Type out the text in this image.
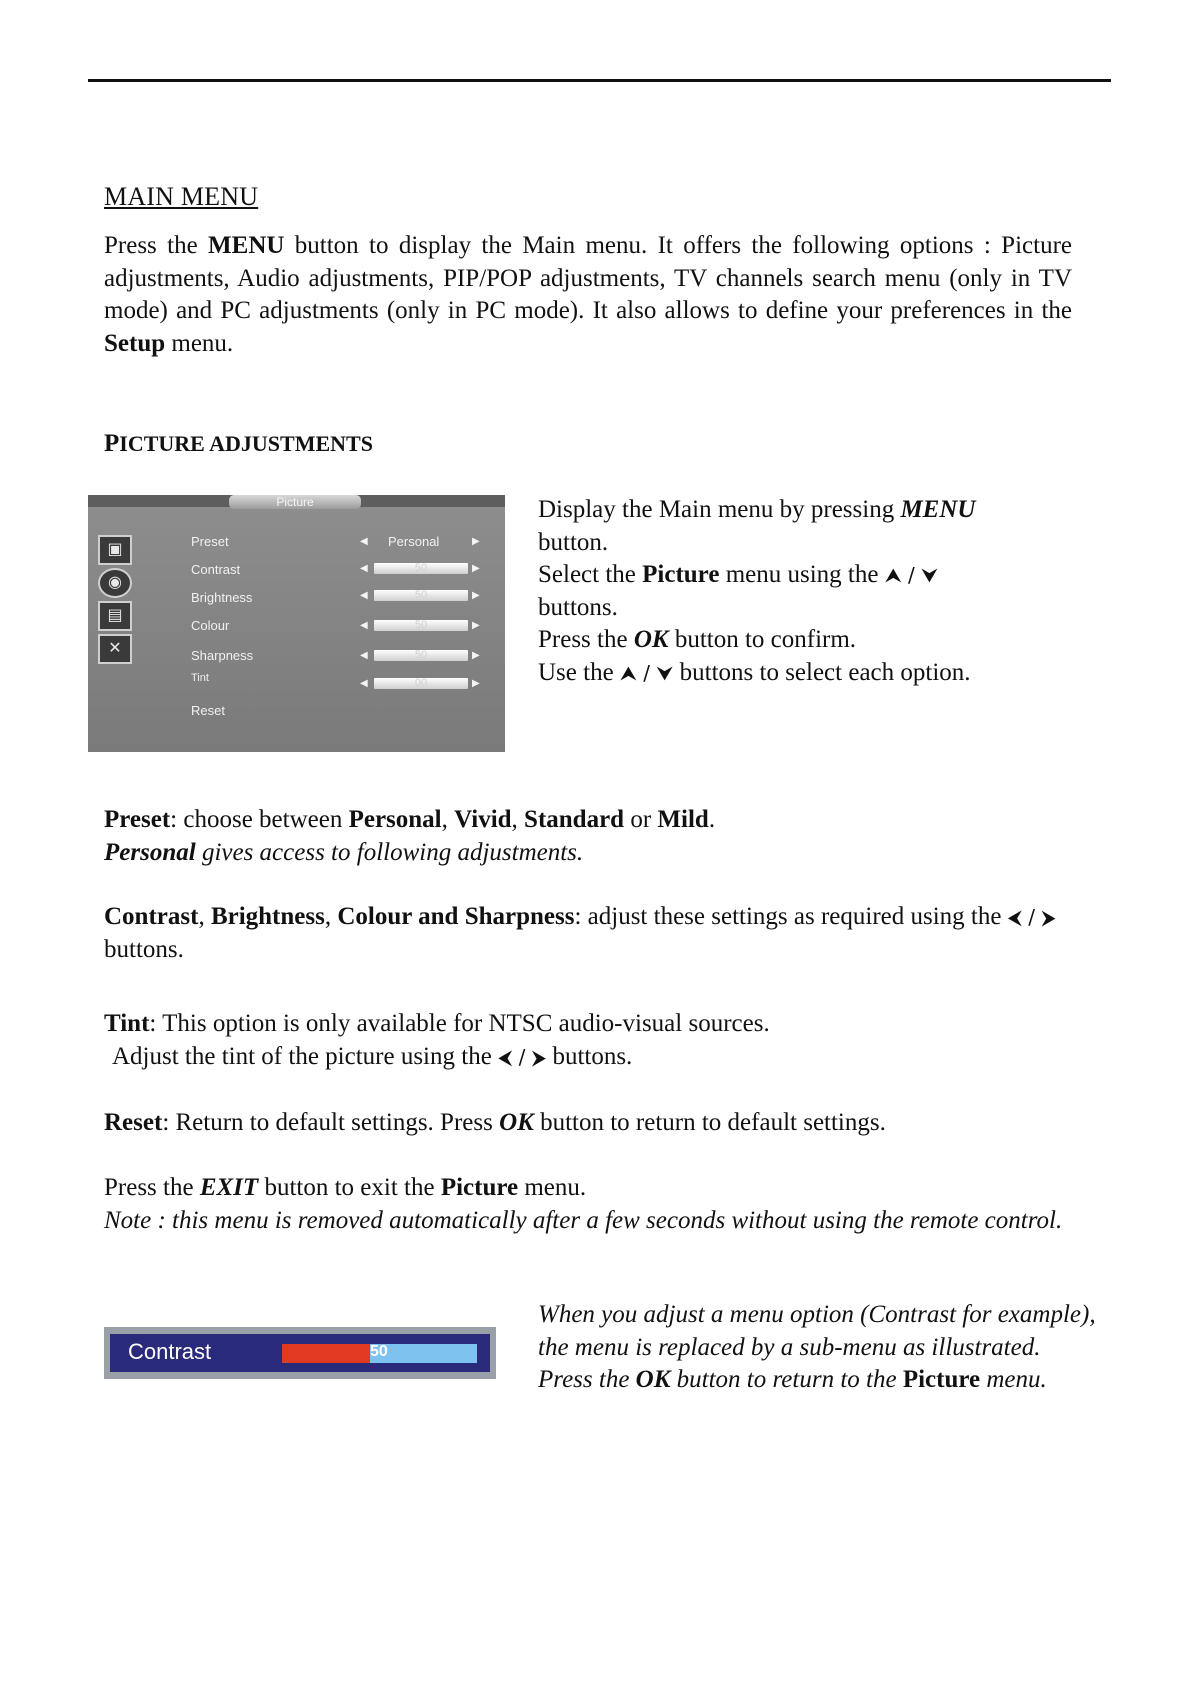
MAIN MENU

Press the MENU button to display the Main menu. It offers the following options : Picture adjustments, Audio adjustments, PIP/POP adjustments, TV channels search menu (only in TV mode) and PC adjustments (only in PC mode). It also allows to define your preferences in the Setup menu.

PICTURE ADJUSTMENTS
Picture
▣
◉
▤
✕
Preset	◀ Personal	▶
Contrast	◀	50	▶
Brightness	◀	50	▶
Colour	◀	50	▶
Sharpness	◀	50	▶
Tint	◀	00	▶
Reset
Display the Main menu by pressing MENU
button.
Select the Picture menu using the ⮝ / ⮟
buttons.
Press the OK button to confirm.
Use the ⮝ / ⮟ buttons to select each option.

Preset: choose between Personal, Vivid, Standard or Mild.
Personal gives access to following adjustments.

Contrast, Brightness, Colour and Sharpness: adjust these settings as required using the ⮜ / ⮞ buttons.

Tint: This option is only available for NTSC audio-visual sources.
Adjust the tint of the picture using the ⮜ / ⮞ buttons.

Reset: Return to default settings. Press OK button to return to default settings.

Press the EXIT button to exit the Picture menu.
Note : this menu is removed automatically after a few seconds without using the remote control.

Contrast	50

When you adjust a menu option (Contrast for example), the menu is replaced by a sub-menu as illustrated. Press the OK button to return to the Picture menu.
